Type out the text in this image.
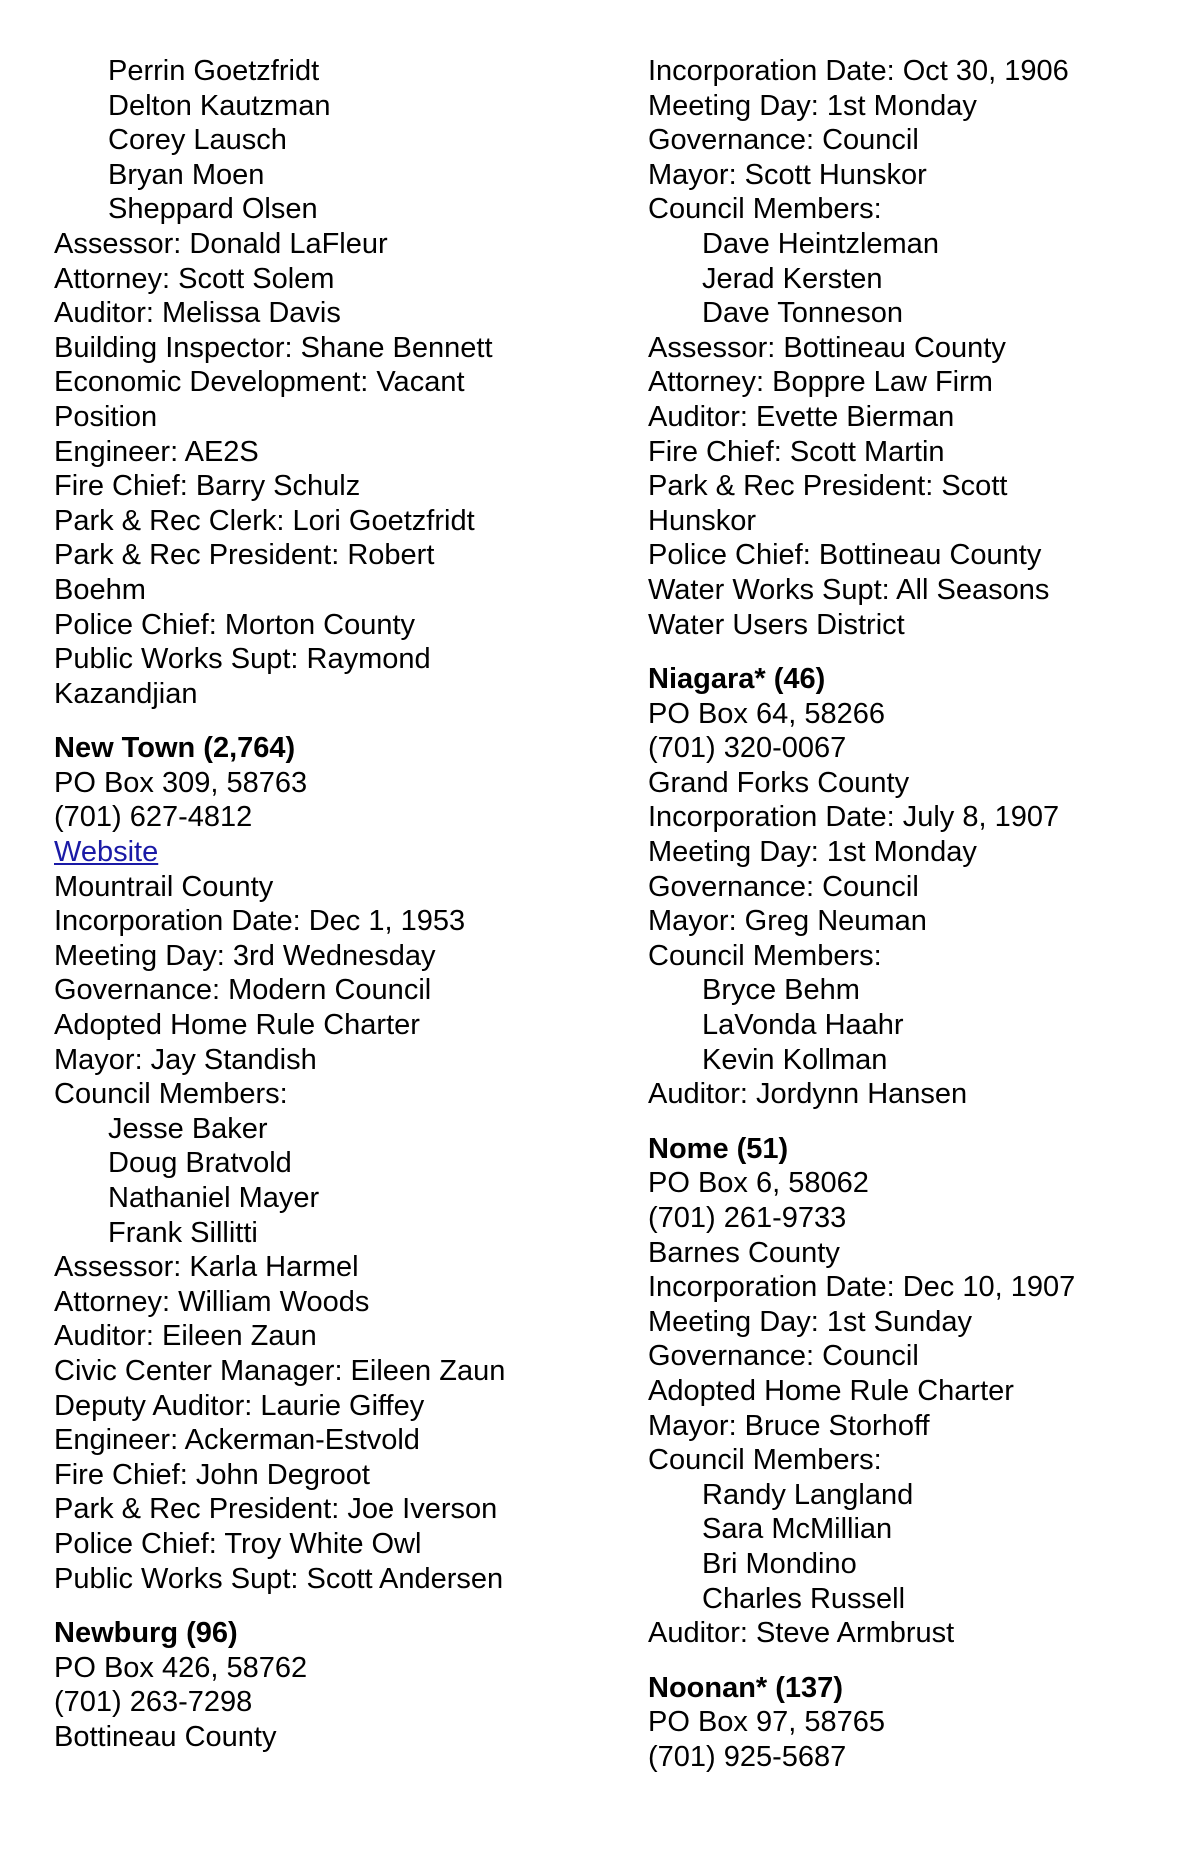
Perrin Goetzfridt
Delton Kautzman
Corey Lausch
Bryan Moen
Sheppard Olsen
Assessor: Donald LaFleur
Attorney: Scott Solem
Auditor: Melissa Davis
Building Inspector: Shane Bennett
Economic Development: Vacant
Position
Engineer: AE2S
Fire Chief: Barry Schulz
Park & Rec Clerk: Lori Goetzfridt
Park & Rec President: Robert
Boehm
Police Chief: Morton County
Public Works Supt: Raymond
Kazandjian
New Town (2,764)
PO Box 309, 58763
(701) 627-4812
Website
Mountrail County
Incorporation Date: Dec 1, 1953
Meeting Day: 3rd Wednesday
Governance: Modern Council
Adopted Home Rule Charter
Mayor: Jay Standish
Council Members:
Jesse Baker
Doug Bratvold
Nathaniel Mayer
Frank Sillitti
Assessor: Karla Harmel
Attorney: William Woods
Auditor: Eileen Zaun
Civic Center Manager: Eileen Zaun
Deputy Auditor: Laurie Giffey
Engineer: Ackerman-Estvold
Fire Chief: John Degroot
Park & Rec President: Joe Iverson
Police Chief: Troy White Owl
Public Works Supt: Scott Andersen
Newburg (96)
PO Box 426, 58762
(701) 263-7298
Bottineau County
Incorporation Date: Oct 30, 1906
Meeting Day: 1st Monday
Governance: Council
Mayor: Scott Hunskor
Council Members:
Dave Heintzleman
Jerad Kersten
Dave Tonneson
Assessor: Bottineau County
Attorney: Boppre Law Firm
Auditor: Evette Bierman
Fire Chief: Scott Martin
Park & Rec President: Scott
Hunskor
Police Chief: Bottineau County
Water Works Supt: All Seasons
Water Users District
Niagara* (46)
PO Box 64, 58266
(701) 320-0067
Grand Forks County
Incorporation Date: July 8, 1907
Meeting Day: 1st Monday
Governance: Council
Mayor: Greg Neuman
Council Members:
Bryce Behm
LaVonda Haahr
Kevin Kollman
Auditor: Jordynn Hansen
Nome (51)
PO Box 6, 58062
(701) 261-9733
Barnes County
Incorporation Date: Dec 10, 1907
Meeting Day: 1st Sunday
Governance: Council
Adopted Home Rule Charter
Mayor: Bruce Storhoff
Council Members:
Randy Langland
Sara McMillian
Bri Mondino
Charles Russell
Auditor: Steve Armbrust
Noonan* (137)
PO Box 97, 58765
(701) 925-5687
